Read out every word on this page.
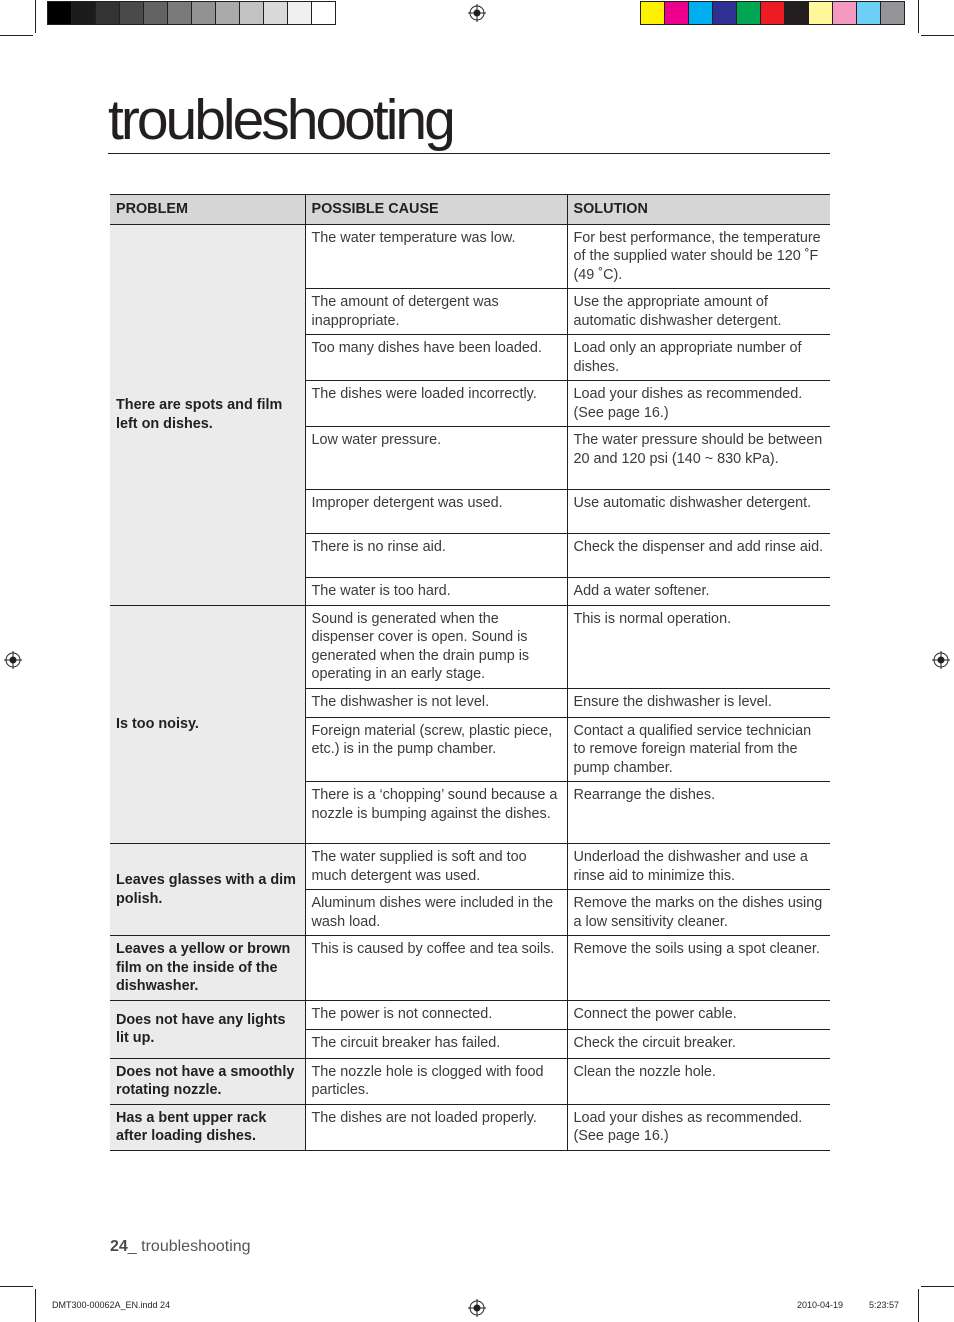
troubleshooting
PROBLEM	POSSIBLE CAUSE	SOLUTION
There are spots and film left on dishes.	The water temperature was low.	For best performance, the temperature of the supplied water should be 120 ˚F (49 ˚C).
	The amount of detergent was inappropriate.	Use the appropriate amount of automatic dishwasher detergent.
	Too many dishes have been loaded.	Load only an appropriate number of dishes.
	The dishes were loaded incorrectly.	Load your dishes as recommended. (See page 16.)
	Low water pressure.	The water pressure should be between 20 and 120 psi (140 ~ 830 kPa).
	Improper detergent was used.	Use automatic dishwasher detergent.
	There is no rinse aid.	Check the dispenser and add rinse aid.
	The water is too hard.	Add a water softener.
Is too noisy.	Sound is generated when the dispenser cover is open. Sound is generated when the drain pump is operating in an early stage.	This is normal operation.
	The dishwasher is not level.	Ensure the dishwasher is level.
	Foreign material (screw, plastic piece, etc.) is in the pump chamber.	Contact a qualified service technician to remove foreign material from the pump chamber.
	There is a ‘chopping’ sound because a nozzle is bumping against the dishes.	Rearrange the dishes.
Leaves glasses with a dim polish.	The water supplied is soft and too much detergent was used.	Underload the dishwasher and use a rinse aid to minimize this.
	Aluminum dishes were included in the wash load.	Remove the marks on the dishes using a low sensitivity cleaner.
Leaves a yellow or brown film on the inside of the dishwasher.	This is caused by coffee and tea soils.	Remove the soils using a spot cleaner.
Does not have any lights lit up.	The power is not connected.	Connect the power cable.
	The circuit breaker has failed.	Check the circuit breaker.
Does not have a smoothly rotating nozzle.	The nozzle hole is clogged with food particles.	Clean the nozzle hole.
Has a bent upper rack after loading dishes.	The dishes are not loaded properly.	Load your dishes as recommended. (See page 16.)
24_ troubleshooting
DMT300-00062A_EN.indd 24	2010-04-19	5:23:57
